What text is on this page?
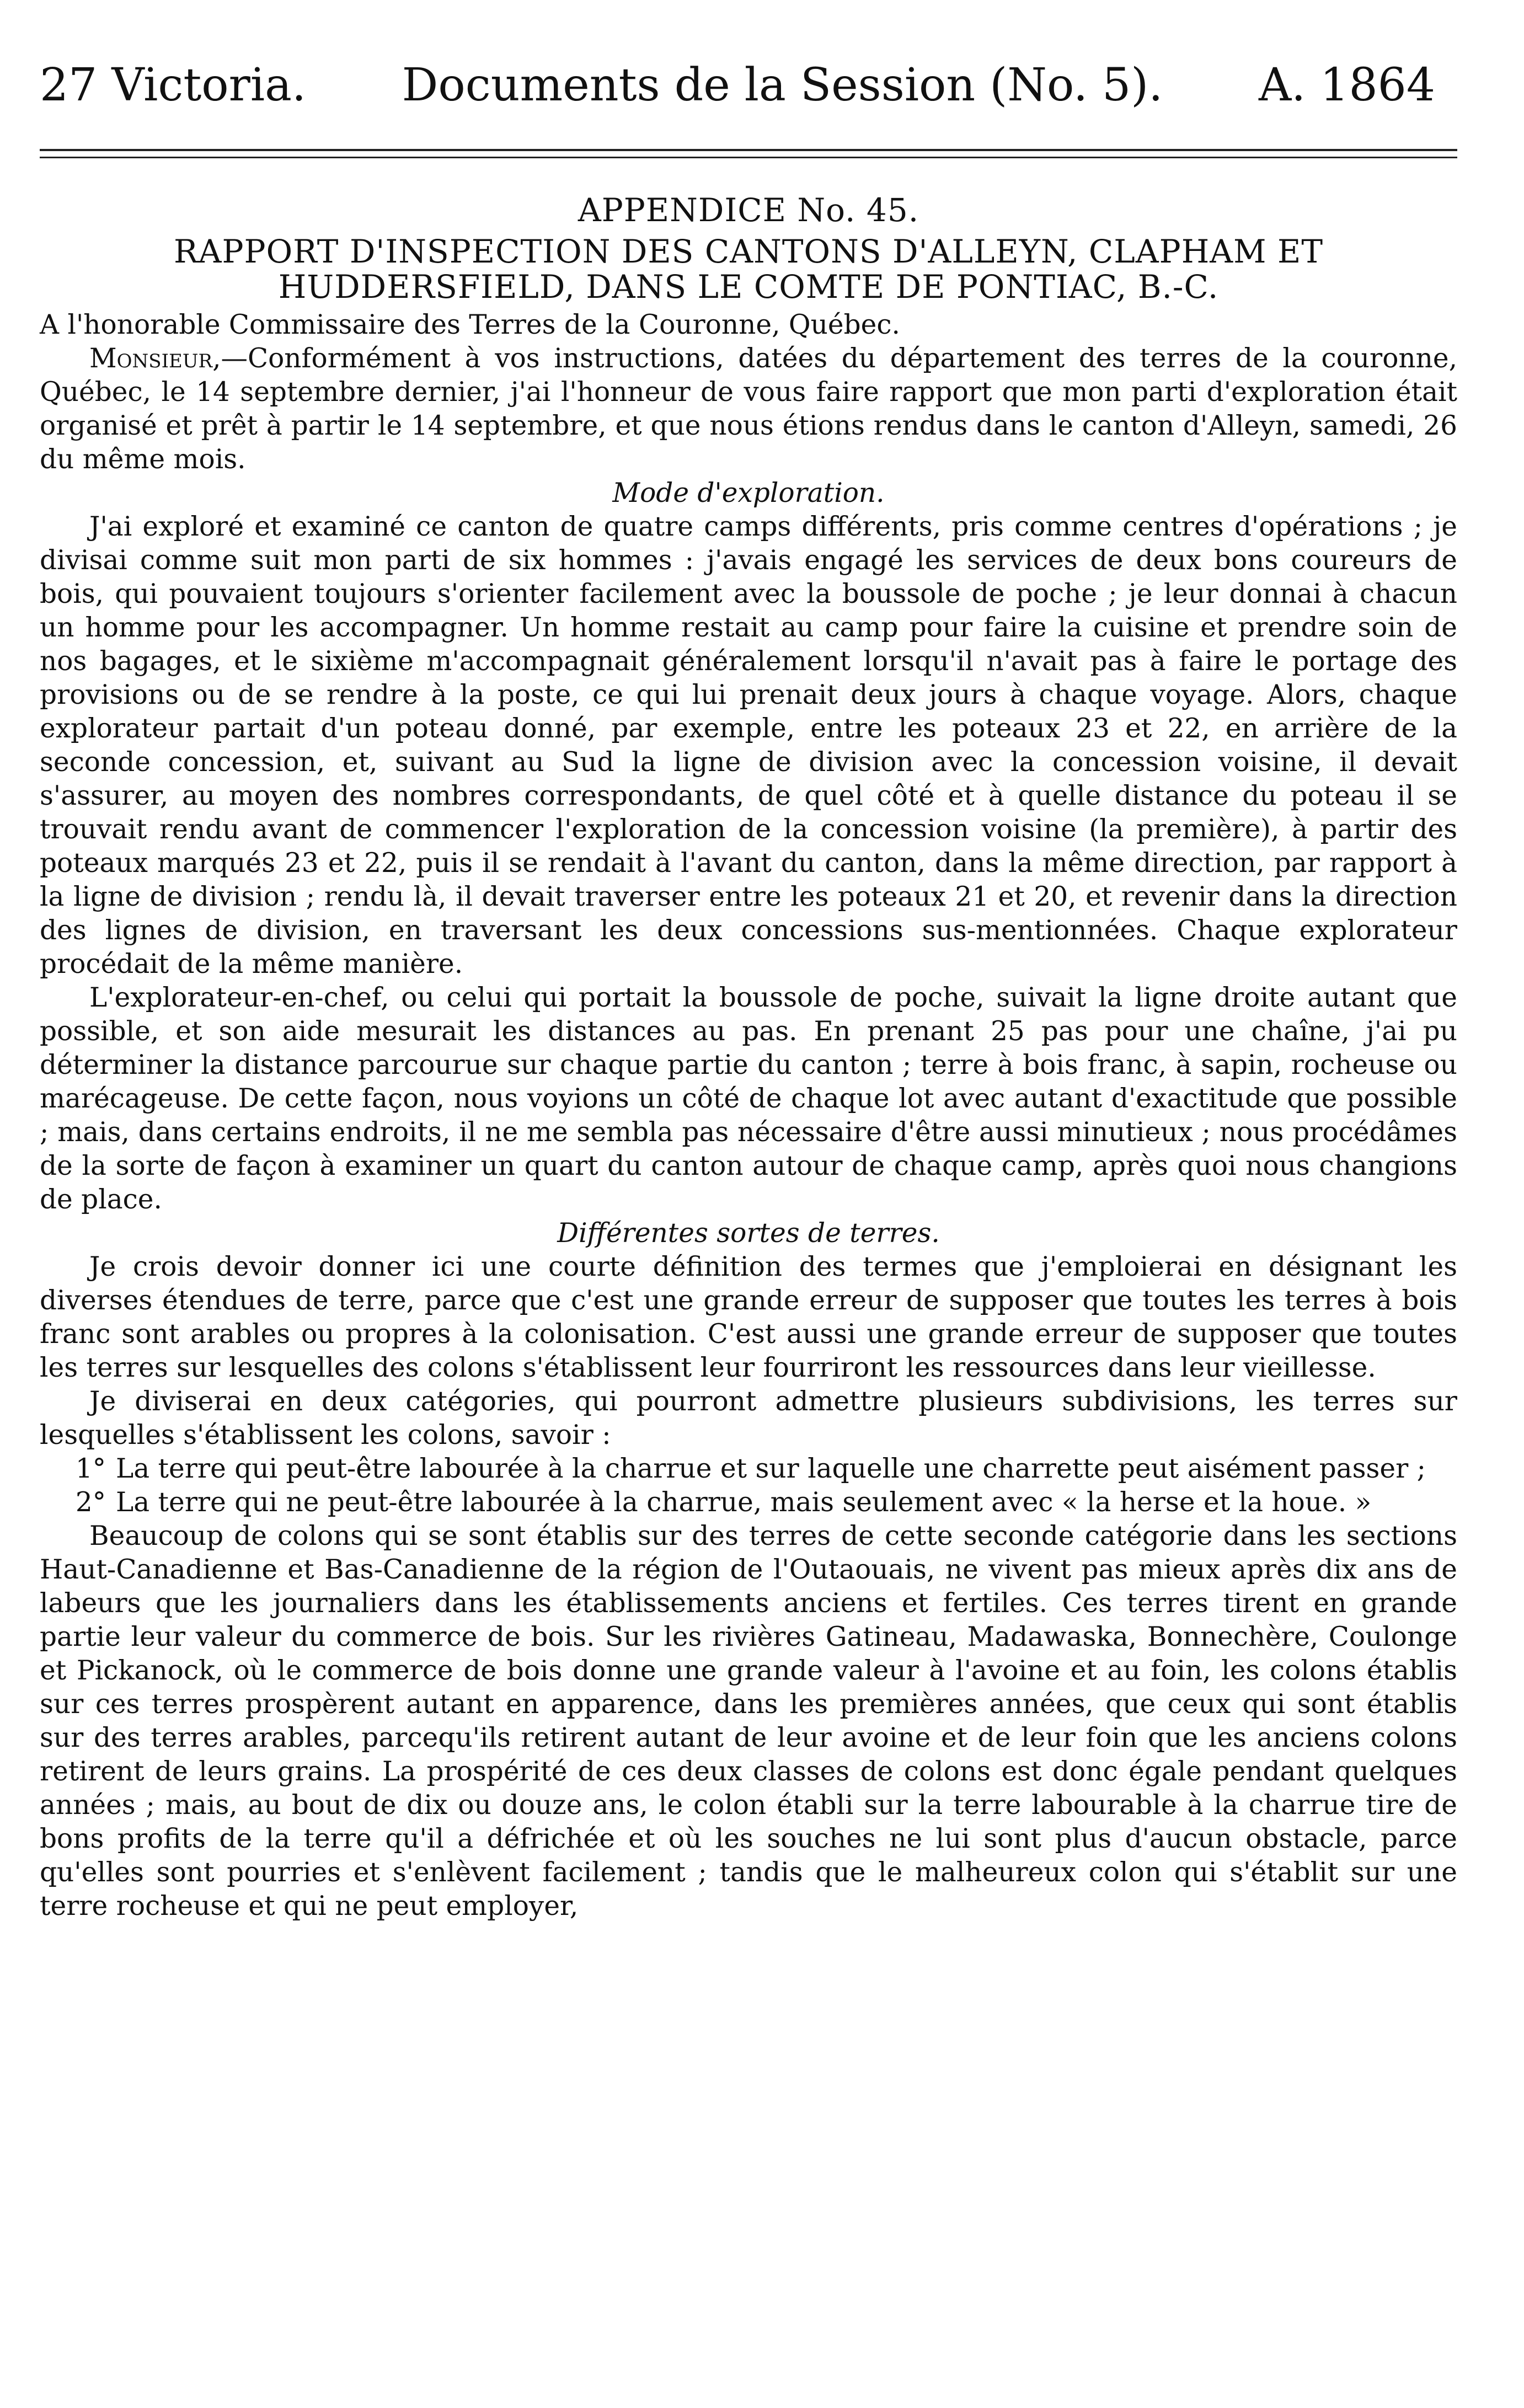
27 Victoria. Documents de la Session (No. 5). A. 1864
APPENDICE No. 45.
RAPPORT D'INSPECTION DES CANTONS D'ALLEYN, CLAPHAM ET HUDDERSFIELD, DANS LE COMTE DE PONTIAC, B.-C.

A l'honorable Commissaire des Terres de la Couronne, Québec.

Monsieur,—Conformément à vos instructions, datées du département des terres de la couronne, Québec, le 14 septembre dernier, j'ai l'honneur de vous faire rapport que mon parti d'exploration était organisé et prêt à partir le 14 septembre, et que nous étions rendus dans le canton d'Alleyn, samedi, 26 du même mois.

Mode d'exploration.

J'ai exploré et examiné ce canton de quatre camps différents, pris comme centres d'opérations ; je divisai comme suit mon parti de six hommes : j'avais engagé les services de deux bons coureurs de bois, qui pouvaient toujours s'orienter facilement avec la boussole de poche ; je leur donnai à chacun un homme pour les accompagner. Un homme restait au camp pour faire la cuisine et prendre soin de nos bagages, et le sixième m'accompagnait généralement lorsqu'il n'avait pas à faire le portage des provisions ou de se rendre à la poste, ce qui lui prenait deux jours à chaque voyage. Alors, chaque explorateur partait d'un poteau donné, par exemple, entre les poteaux 23 et 22, en arrière de la seconde concession, et, suivant au Sud la ligne de division avec la concession voisine, il devait s'assurer, au moyen des nombres correspondants, de quel côté et à quelle distance du poteau il se trouvait rendu avant de commencer l'exploration de la concession voisine (la première), à partir des poteaux marqués 23 et 22, puis il se rendait à l'avant du canton, dans la même direction, par rapport à la ligne de division ; rendu là, il devait traverser entre les poteaux 21 et 20, et revenir dans la direction des lignes de division, en traversant les deux concessions sus-mentionnées. Chaque explorateur procédait de la même manière.

L'explorateur-en-chef, ou celui qui portait la boussole de poche, suivait la ligne droite autant que possible, et son aide mesurait les distances au pas. En prenant 25 pas pour une chaîne, j'ai pu déterminer la distance parcourue sur chaque partie du canton ; terre à bois franc, à sapin, rocheuse ou marécageuse. De cette façon, nous voyions un côté de chaque lot avec autant d'exactitude que possible ; mais, dans certains endroits, il ne me sembla pas nécessaire d'être aussi minutieux ; nous procédâmes de la sorte de façon à examiner un quart du canton autour de chaque camp, après quoi nous changions de place.

Différentes sortes de terres.

Je crois devoir donner ici une courte définition des termes que j'emploierai en désignant les diverses étendues de terre, parce que c'est une grande erreur de supposer que toutes les terres à bois franc sont arables ou propres à la colonisation. C'est aussi une grande erreur de supposer que toutes les terres sur lesquelles des colons s'établissent leur fourriront les ressources dans leur vieillesse.

Je diviserai en deux catégories, qui pourront admettre plusieurs subdivisions, les terres sur lesquelles s'établissent les colons, savoir :

1° La terre qui peut-être labourée à la charrue et sur laquelle une charrette peut aisément passer ;

2° La terre qui ne peut-être labourée à la charrue, mais seulement avec « la herse et la houe. »

Beaucoup de colons qui se sont établis sur des terres de cette seconde catégorie dans les sections Haut-Canadienne et Bas-Canadienne de la région de l'Outaouais, ne vivent pas mieux après dix ans de labeurs que les journaliers dans les établissements anciens et fertiles. Ces terres tirent en grande partie leur valeur du commerce de bois. Sur les rivières Gatineau, Madawaska, Bonnechère, Coulonge et Pickanock, où le commerce de bois donne une grande valeur à l'avoine et au foin, les colons établis sur ces terres prospèrent autant en apparence, dans les premières années, que ceux qui sont établis sur des terres arables, parcequ'ils retirent autant de leur avoine et de leur foin que les anciens colons retirent de leurs grains. La prospérité de ces deux classes de colons est donc égale pendant quelques années ; mais, au bout de dix ou douze ans, le colon établi sur la terre labourable à la charrue tire de bons profits de la terre qu'il a défrichée et où les souches ne lui sont plus d'aucun obstacle, parce qu'elles sont pourries et s'enlèvent facilement ; tandis que le malheureux colon qui s'établit sur une terre rocheuse et qui ne peut employer,
